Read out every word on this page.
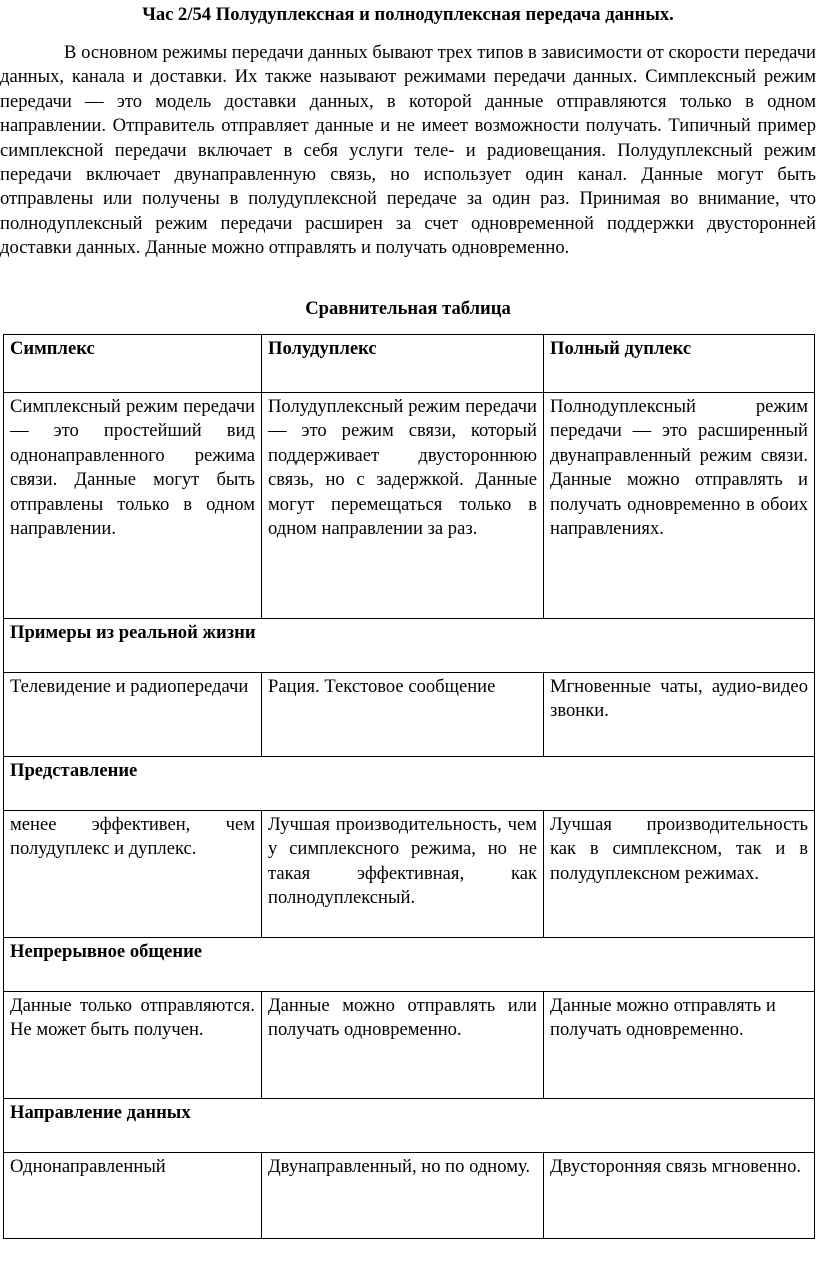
Час 2/54 Полудуплексная и полнодуплексная передача данных.

В основном режимы передачи данных бывают трех типов в зависимости от скорости передачи данных, канала и доставки. Их также называют режимами передачи данных. Симплексный режим передачи — это модель доставки данных, в которой данные отправляются только в одном направлении. Отправитель отправляет данные и не имеет возможности получать. Типичный пример симплексной передачи включает в себя услуги теле- и радиовещания. Полудуплексный режим передачи включает двунаправленную связь, но использует один канал. Данные могут быть отправлены или получены в полудуплексной передаче за один раз. Принимая во внимание, что полнодуплексный режим передачи расширен за счет одновременной поддержки двусторонней доставки данных. Данные можно отправлять и получать одновременно.

Сравнительная таблица

Симплекс	Полудуплекс	Полный дуплекс
Симплексный режим передачи — это простейший вид однонаправленного режима связи. Данные могут быть отправлены только в одном направлении.	Полудуплексный режим передачи — это режим связи, который поддерживает двустороннюю связь, но с задержкой. Данные могут перемещаться только в одном направлении за раз.	Полнодуплексный режим передачи — это расширенный двунаправленный режим связи. Данные можно отправлять и получать одновременно в обоих направлениях.
Примеры из реальной жизни		
Телевидение и радиопередачи	Рация. Текстовое сообщение	Мгновенные чаты, аудио-видео звонки.
Представление		
менее эффективен, чем полудуплекс и дуплекс.	Лучшая производительность, чем у симплексного режима, но не такая эффективная, как полнодуплексный.	Лучшая производительность как в симплексном, так и в полудуплексном режимах.
Непрерывное общение		
Данные только отправляются. Не может быть получен.	Данные можно отправлять или получать одновременно.	Данные можно отправлять и получать одновременно.
Направление данных		
Однонаправленный	Двунаправленный, но по одному.	Двусторонняя связь мгновенно.
